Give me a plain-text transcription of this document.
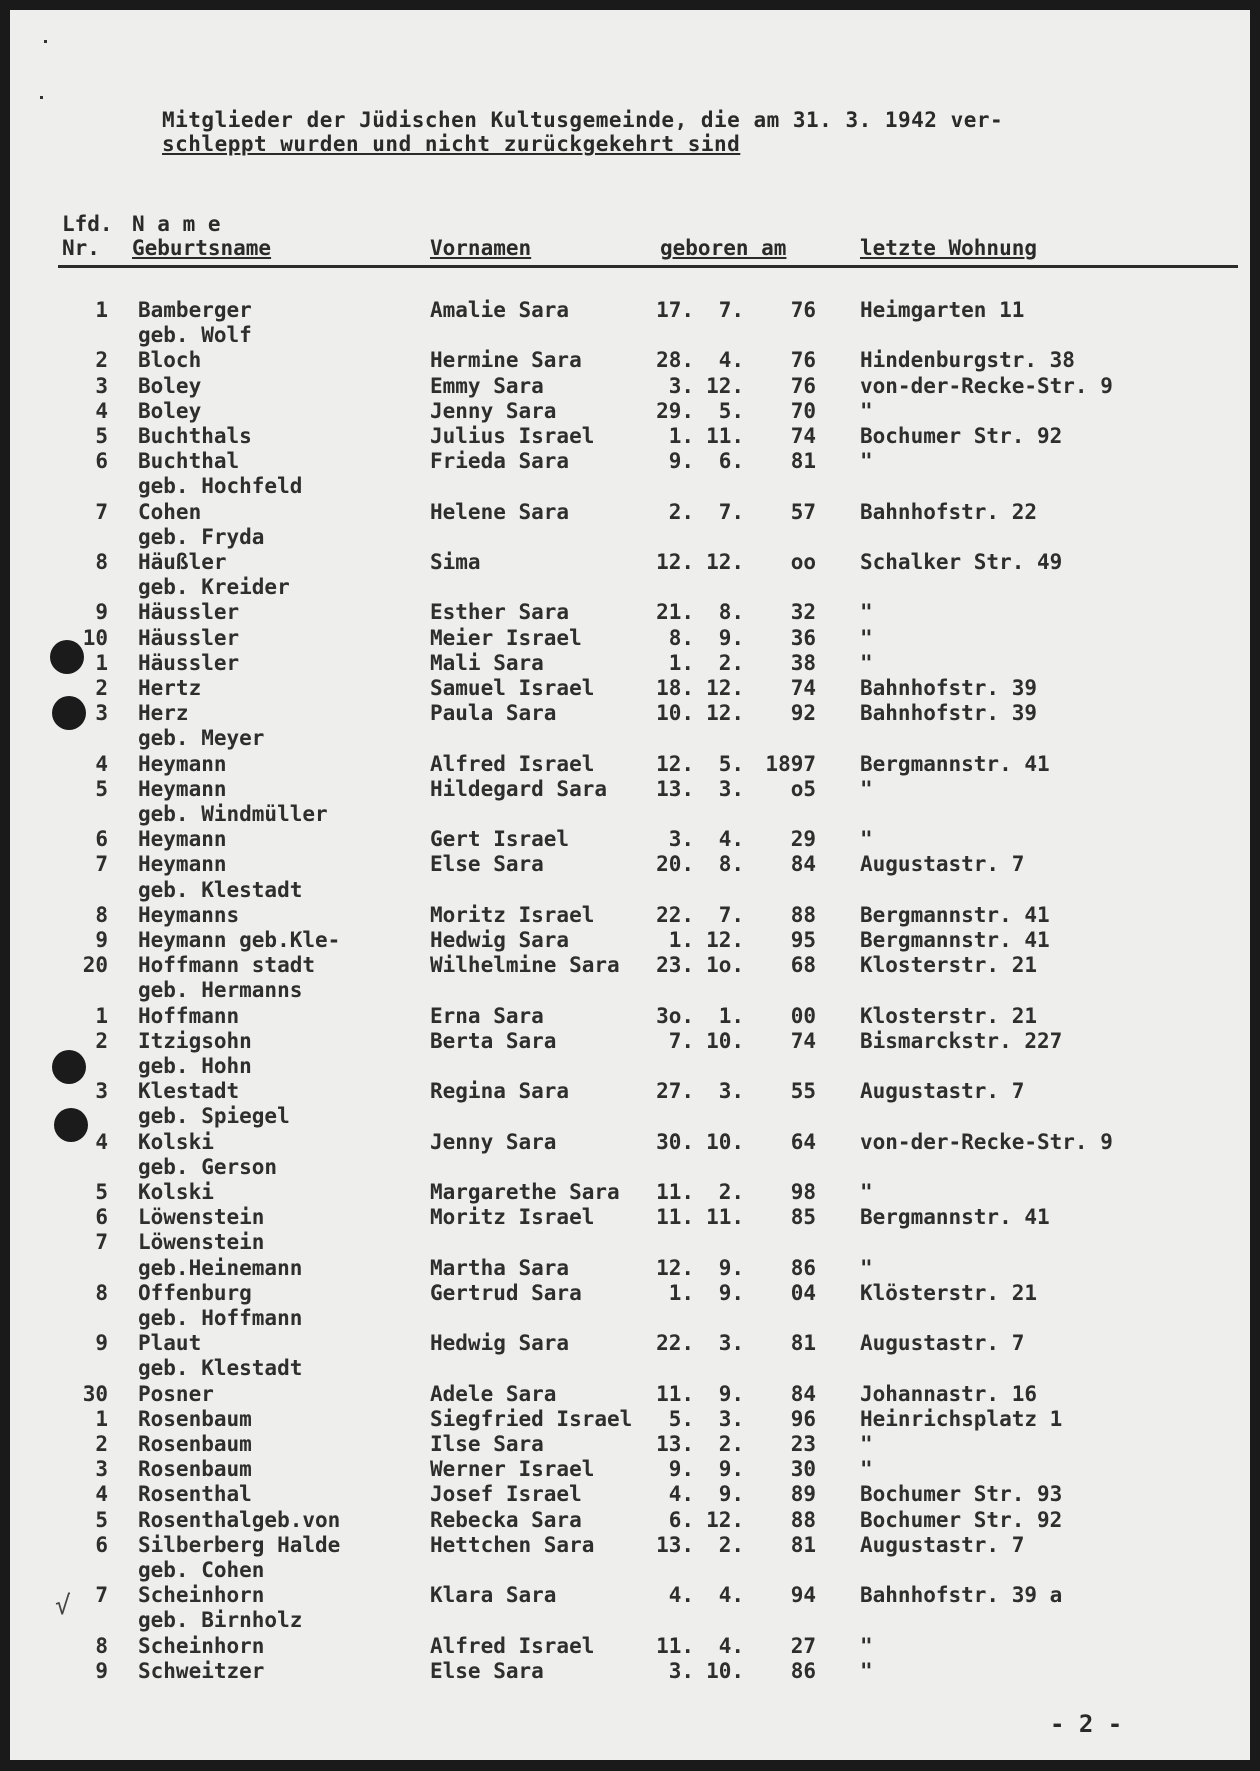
Mitglieder der Jüdischen Kultusgemeinde, die am 31. 3. 1942 ver-
schleppt wurden und nicht zurückgekehrt sind
Lfd.
Nr.
N a m e
Geburtsname	Vornamen	geboren am	letzte Wohnung
1 Bamberger	Amalie Sara	17.	7.	76 Heimgarten 11
geb. Wolf
2 Bloch	Hermine Sara	28.	4.	76 Hindenburgstr. 38
3 Boley	Emmy Sara	3. 12.	76 von-der-Recke-Str. 9
4 Boley	Jenny Sara	29.	5.	70 "
5 Buchthals	Julius Israel	1. 11.	74 Bochumer Str. 92
6 Buchthal	Frieda Sara	9.	6.	81 "
geb. Hochfeld
7 Cohen	Helene Sara	2.	7.	57 Bahnhofstr. 22
geb. Fryda
8 Häußler	Sima	12. 12.	oo Schalker Str. 49
geb. Kreider
9 Häussler	Esther Sara	21.	8.	32 "
10 Häussler	Meier Israel	8.	9.	36 "
1 Häussler	Mali Sara	1.	2.	38 "
2 Hertz	Samuel Israel	18. 12.	74 Bahnhofstr. 39
3 Herz	Paula Sara	10. 12.	92 Bahnhofstr. 39
geb. Meyer
4 Heymann	Alfred Israel	12.	5.	1897 Bergmannstr. 41
5 Heymann	Hildegard Sara 13.	3.	o5 "
geb. Windmüller
6 Heymann	Gert Israel	3.	4.	29 "
7 Heymann	Else Sara	20.	8.	84 Augustastr. 7
geb. Klestadt
8 Heymanns	Moritz Israel	22.	7.	88 Bergmannstr. 41
9 Heymann geb.Kle-	Hedwig Sara	1. 12.	95 Bergmannstr. 41
20 Hoffmann stadt	Wilhelmine Sara 23. 1o.	68 Klosterstr. 21
geb. Hermanns
1 Hoffmann	Erna Sara	3o.	1.	00 Klosterstr. 21
2 Itzigsohn	Berta Sara	7. 10.	74 Bismarckstr. 227
geb. Hohn
3 Klestadt	Regina Sara	27.	3.	55 Augustastr. 7
geb. Spiegel
4 Kolski	Jenny Sara	30. 10.	64 von-der-Recke-Str. 9
geb. Gerson
5 Kolski	Margarethe Sara 11.	2.	98 "
6 Löwenstein	Moritz Israel	11. 11.	85 Bergmannstr. 41
7 Löwenstein
geb.Heinemann	Martha Sara	12.	9.	86 "
8 Offenburg	Gertrud Sara	1.	9.	04 Klösterstr. 21
geb. Hoffmann
9 Plaut	Hedwig Sara	22.	3.	81 Augustastr. 7
geb. Klestadt
30 Posner	Adele Sara	11.	9.	84 Johannastr. 16
1 Rosenbaum	Siegfried Israel	5.	3.	96 Heinrichsplatz 1
2 Rosenbaum	Ilse Sara	13.	2.	23 "
3 Rosenbaum	Werner Israel	9.	9.	30 "
4 Rosenthal	Josef Israel	4.	9.	89 Bochumer Str. 93
5 Rosenthalgeb.von	Rebecka Sara	6. 12.	88 Bochumer Str. 92
6 Silberberg Halde	Hettchen Sara	13.	2.	81 Augustastr. 7
geb. Cohen
7 Scheinhorn	Klara Sara	4.	4.	94 Bahnhofstr. 39 a
geb. Birnholz
8 Scheinhorn	Alfred Israel	11.	4.	27 "
9 Schweitzer	Else Sara	3. 10.	86 "
√
- 2 -
